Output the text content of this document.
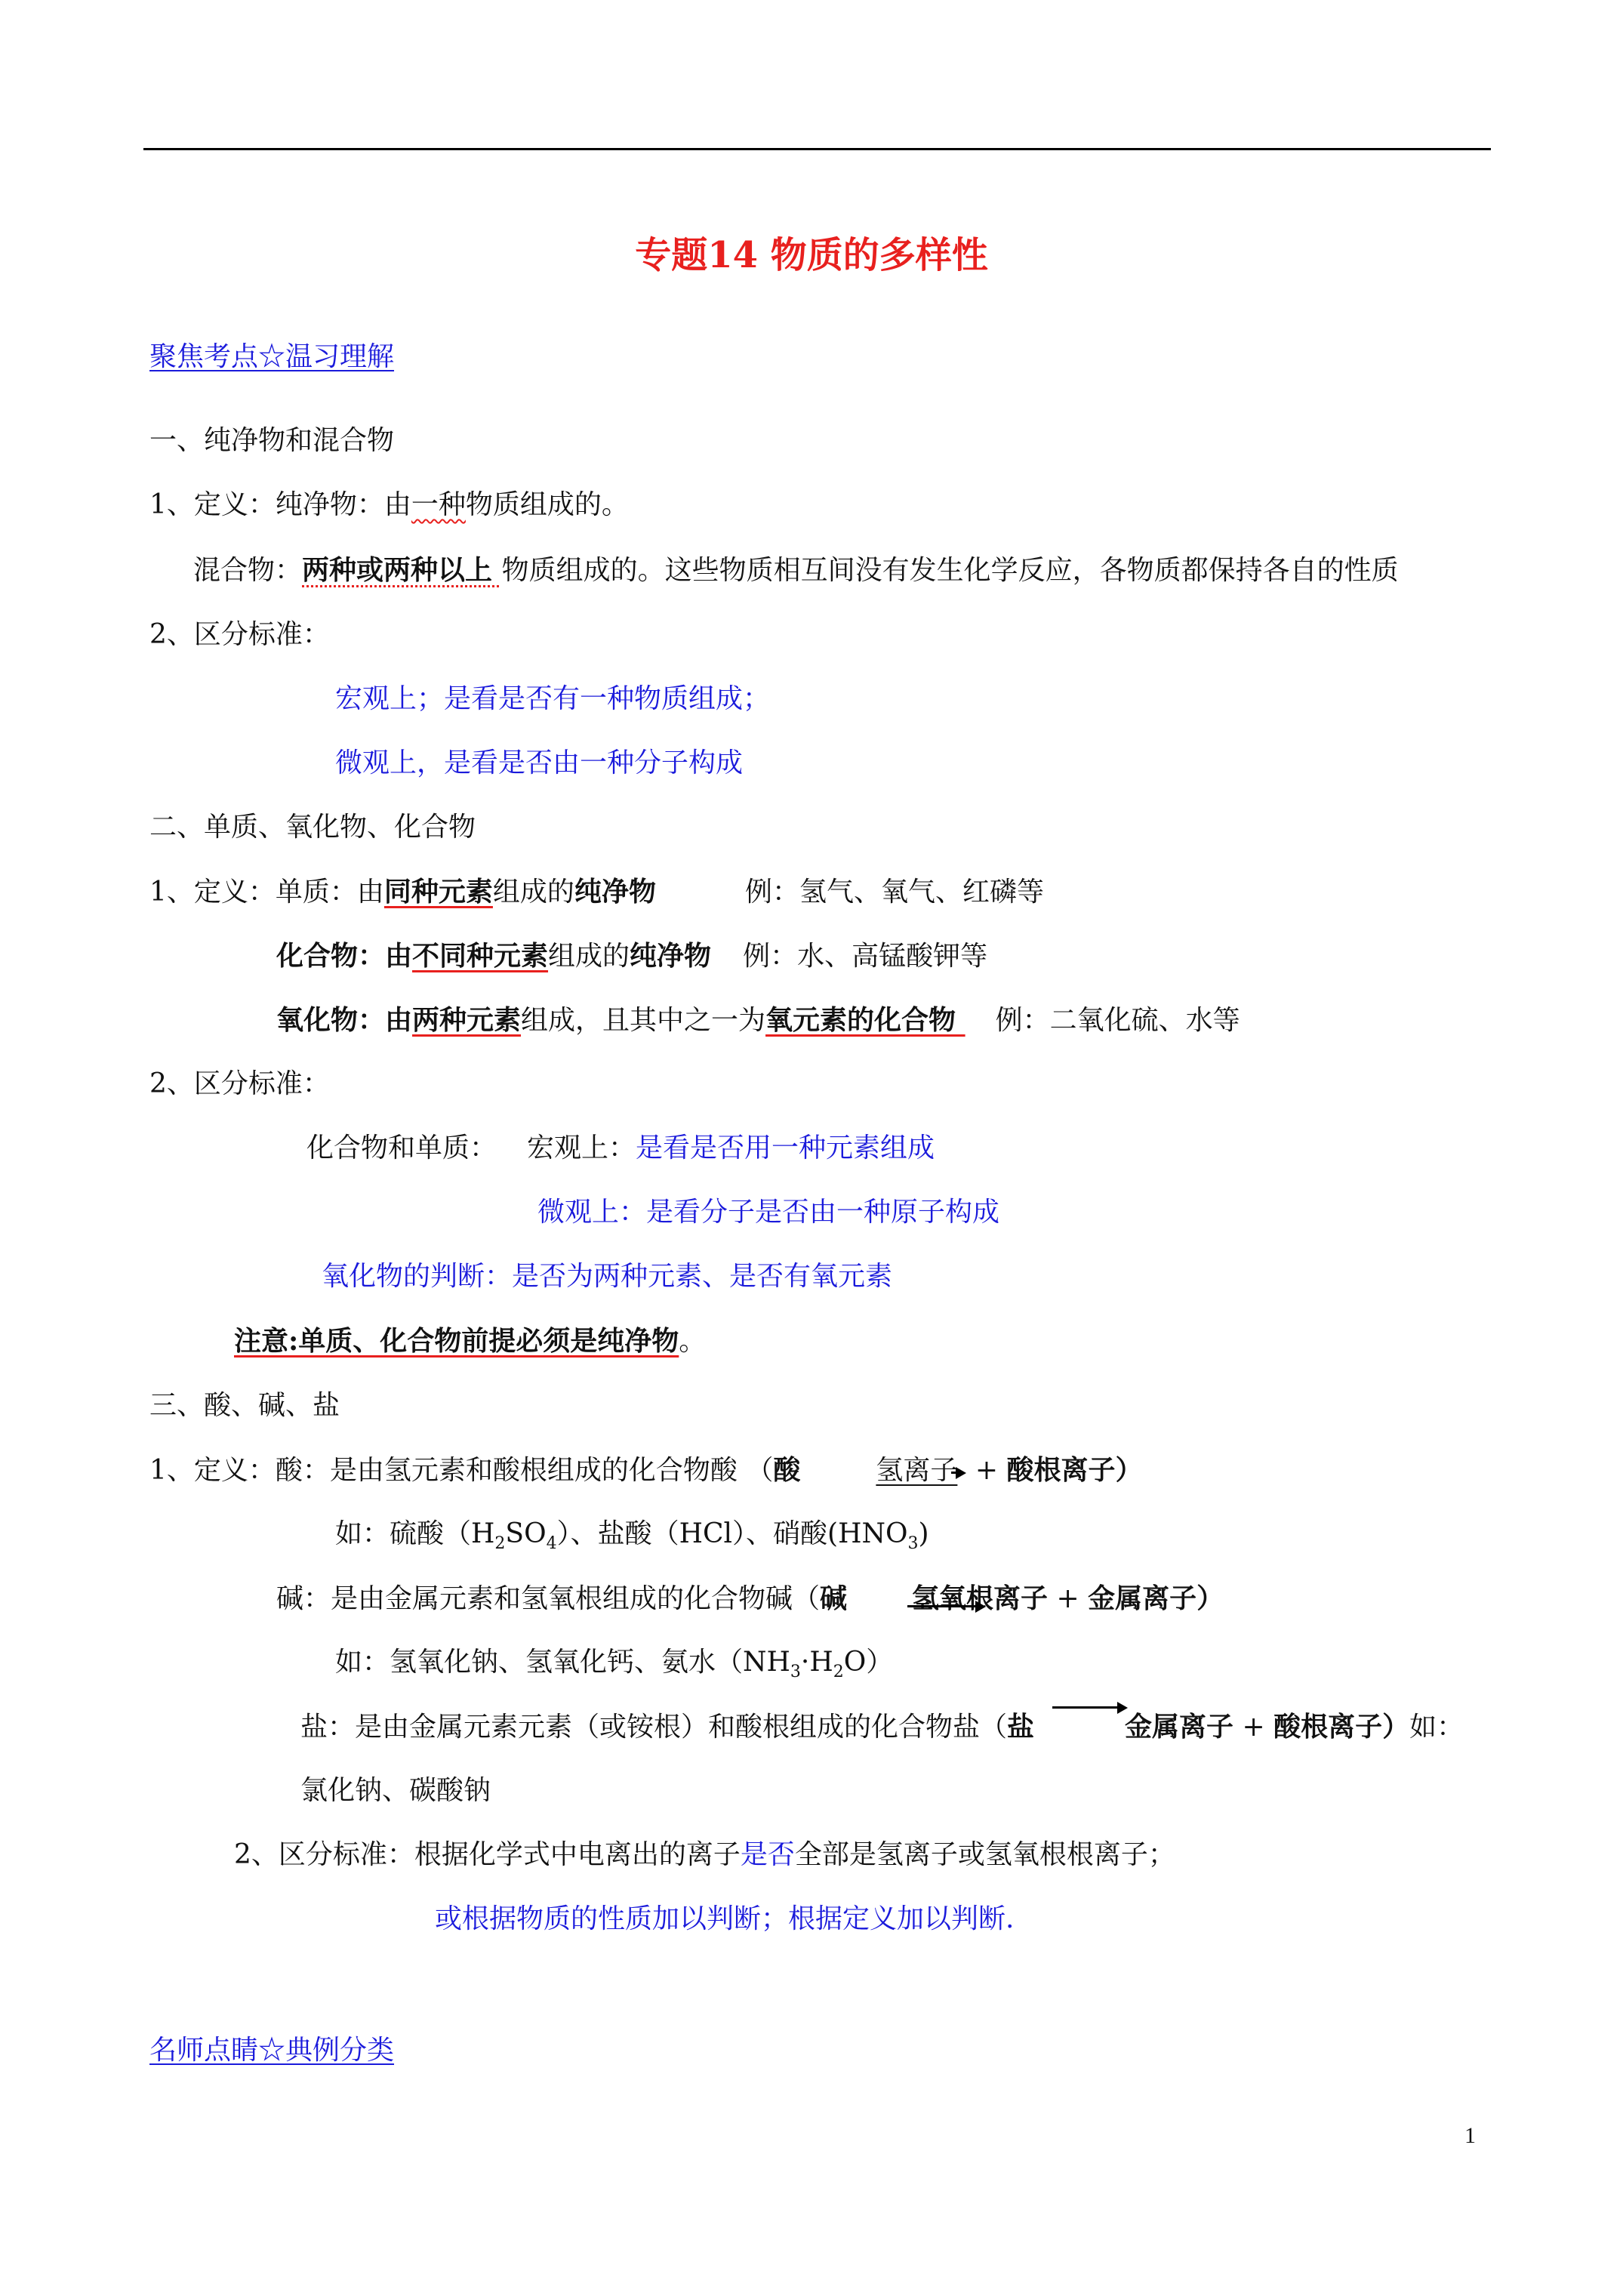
专题14 物质的多样性
聚焦考点☆温习理解
一、纯净物和混合物
1、定义：纯净物：由一种物质组成的。
混合物：两种或两种以上 物质组成的。这些物质相互间没有发生化学反应，各物质都保持各自的性质
2、区分标准：
宏观上；是看是否有一种物质组成；
微观上，是看是否由一种分子构成
二、单质、氧化物、化合物
1、定义：单质：由同种元素组成的纯净物	例：氢气、氧气、红磷等
化合物：由不同种元素组成的纯净物 例：水、高锰酸钾等
氧化物：由两种元素组成，且其中之一为氧元素的化合物 例：二氧化硫、水等
2、区分标准：
化合物和单质： 宏观上：是看是否用一种元素组成
微观上：是看分子是否由一种原子构成
氧化物的判断：是否为两种元素、是否有氧元素
注意:单质、化合物前提必须是纯净物。
三、酸、碱、盐
1、定义：酸：是由氢元素和酸根组成的化合物酸 （酸	氢离子 + 酸根离子）
如：硫酸$(H_2SO_4)$、盐酸（HCl）、硝酸$(HNO_3)$
碱：是由金属元素和氢氧根组成的化合物碱（碱 氢氧根离子 + 金属离子）
如：氢氧化钠、氢氧化钙、氨水$(NH_3\cdot H_2O)$
盐：是由金属元素元素（或铵根）和酸根组成的化合物盐（盐	金属离子 + 酸根离子）如：
氯化钠、碳酸钠
2、区分标准：根据化学式中电离出的离子是否全部是氢离子或氢氧根根离子；
或根据物质的性质加以判断；根据定义加以判断.
名师点睛☆典例分类
1
